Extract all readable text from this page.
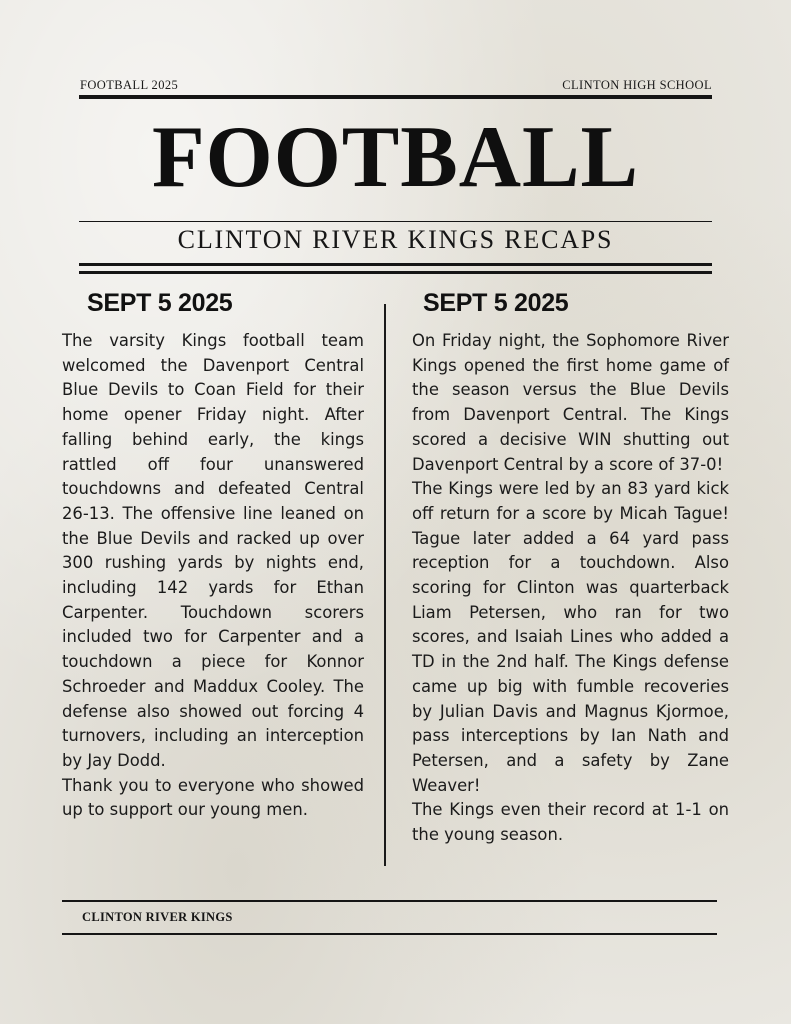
FOOTBALL 2025	CLINTON HIGH SCHOOL
FOOTBALL
CLINTON RIVER KINGS RECAPS
SEPT 5 2025

The varsity Kings football team welcomed the Davenport Central Blue Devils to Coan Field for their home opener Friday night. After falling behind early, the kings rattled off four unanswered touchdowns and defeated Central 26-13. The offensive line leaned on the Blue Devils and racked up over 300 rushing yards by nights end, including 142 yards for Ethan Carpenter. Touchdown scorers included two for Carpenter and a touchdown a piece for Konnor Schroeder and Maddux Cooley. The defense also showed out forcing 4 turnovers, including an interception by Jay Dodd.

Thank you to everyone who showed up to support our young men.

SEPT 5 2025

On Friday night, the Sophomore River Kings opened the first home game of the season versus the Blue Devils from Davenport Central. The Kings scored a decisive WIN shutting out Davenport Central by a score of 37-0!

The Kings were led by an 83 yard kick off return for a score by Micah Tague! Tague later added a 64 yard pass reception for a touchdown. Also scoring for Clinton was quarterback Liam Petersen, who ran for two scores, and Isaiah Lines who added a TD in the 2nd half. The Kings defense came up big with fumble recoveries by Julian Davis and Magnus Kjormoe, pass interceptions by Ian Nath and Petersen, and a safety by Zane Weaver!

The Kings even their record at 1-1 on the young season.

CLINTON RIVER KINGS
